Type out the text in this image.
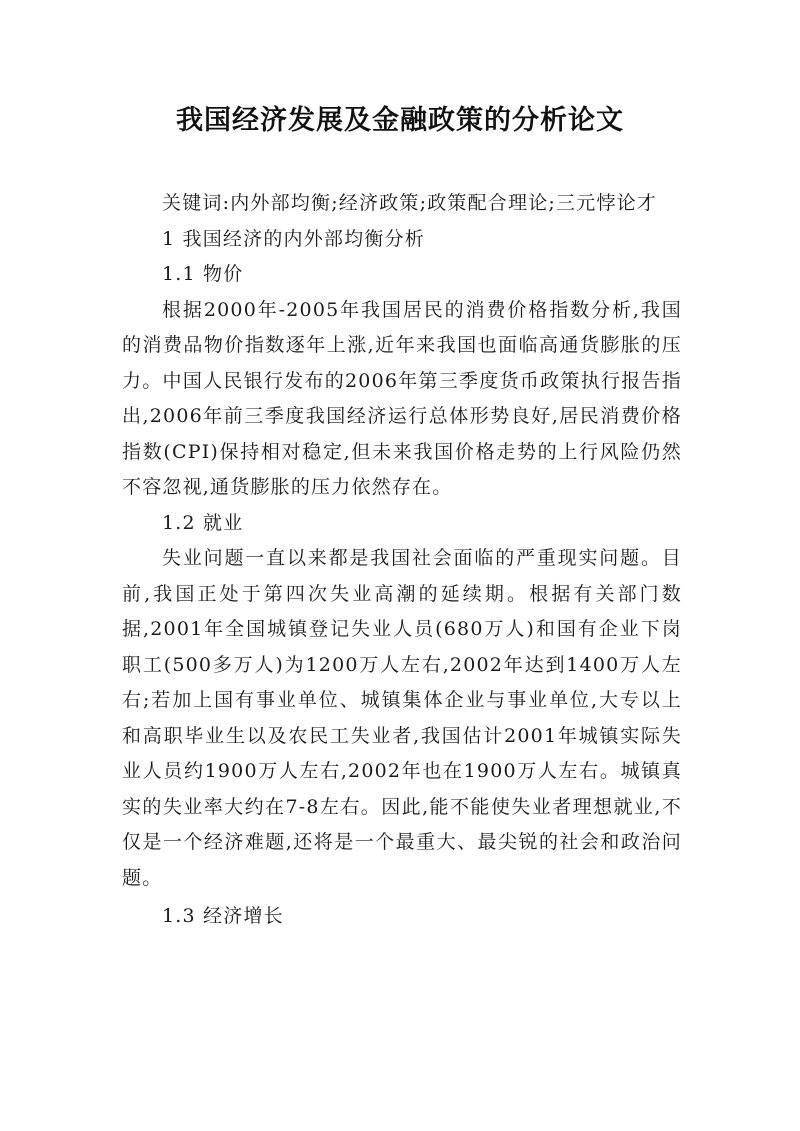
我国经济发展及金融政策的分析论文

关键词:内外部均衡;经济政策;政策配合理论;三元悖论才

1 我国经济的内外部均衡分析

1.1 物价

根据2000年-2005年我国居民的消费价格指数分析,我国的消费品物价指数逐年上涨,近年来我国也面临高通货膨胀的压力。中国人民银行发布的2006年第三季度货币政策执行报告指出,2006年前三季度我国经济运行总体形势良好,居民消费价格指数(CPI)保持相对稳定,但未来我国价格走势的上行风险仍然不容忽视,通货膨胀的压力依然存在。

1.2 就业

失业问题一直以来都是我国社会面临的严重现实问题。目前,我国正处于第四次失业高潮的延续期。根据有关部门数据,2001年全国城镇登记失业人员(680万人)和国有企业下岗职工(500多万人)为1200万人左右,2002年达到1400万人左右;若加上国有事业单位、城镇集体企业与事业单位,大专以上和高职毕业生以及农民工失业者,我国估计2001年城镇实际失业人员约1900万人左右,2002年也在1900万人左右。城镇真实的失业率大约在7-8左右。因此,能不能使失业者理想就业,不仅是一个经济难题,还将是一个最重大、最尖锐的社会和政治问题。

1.3 经济增长
